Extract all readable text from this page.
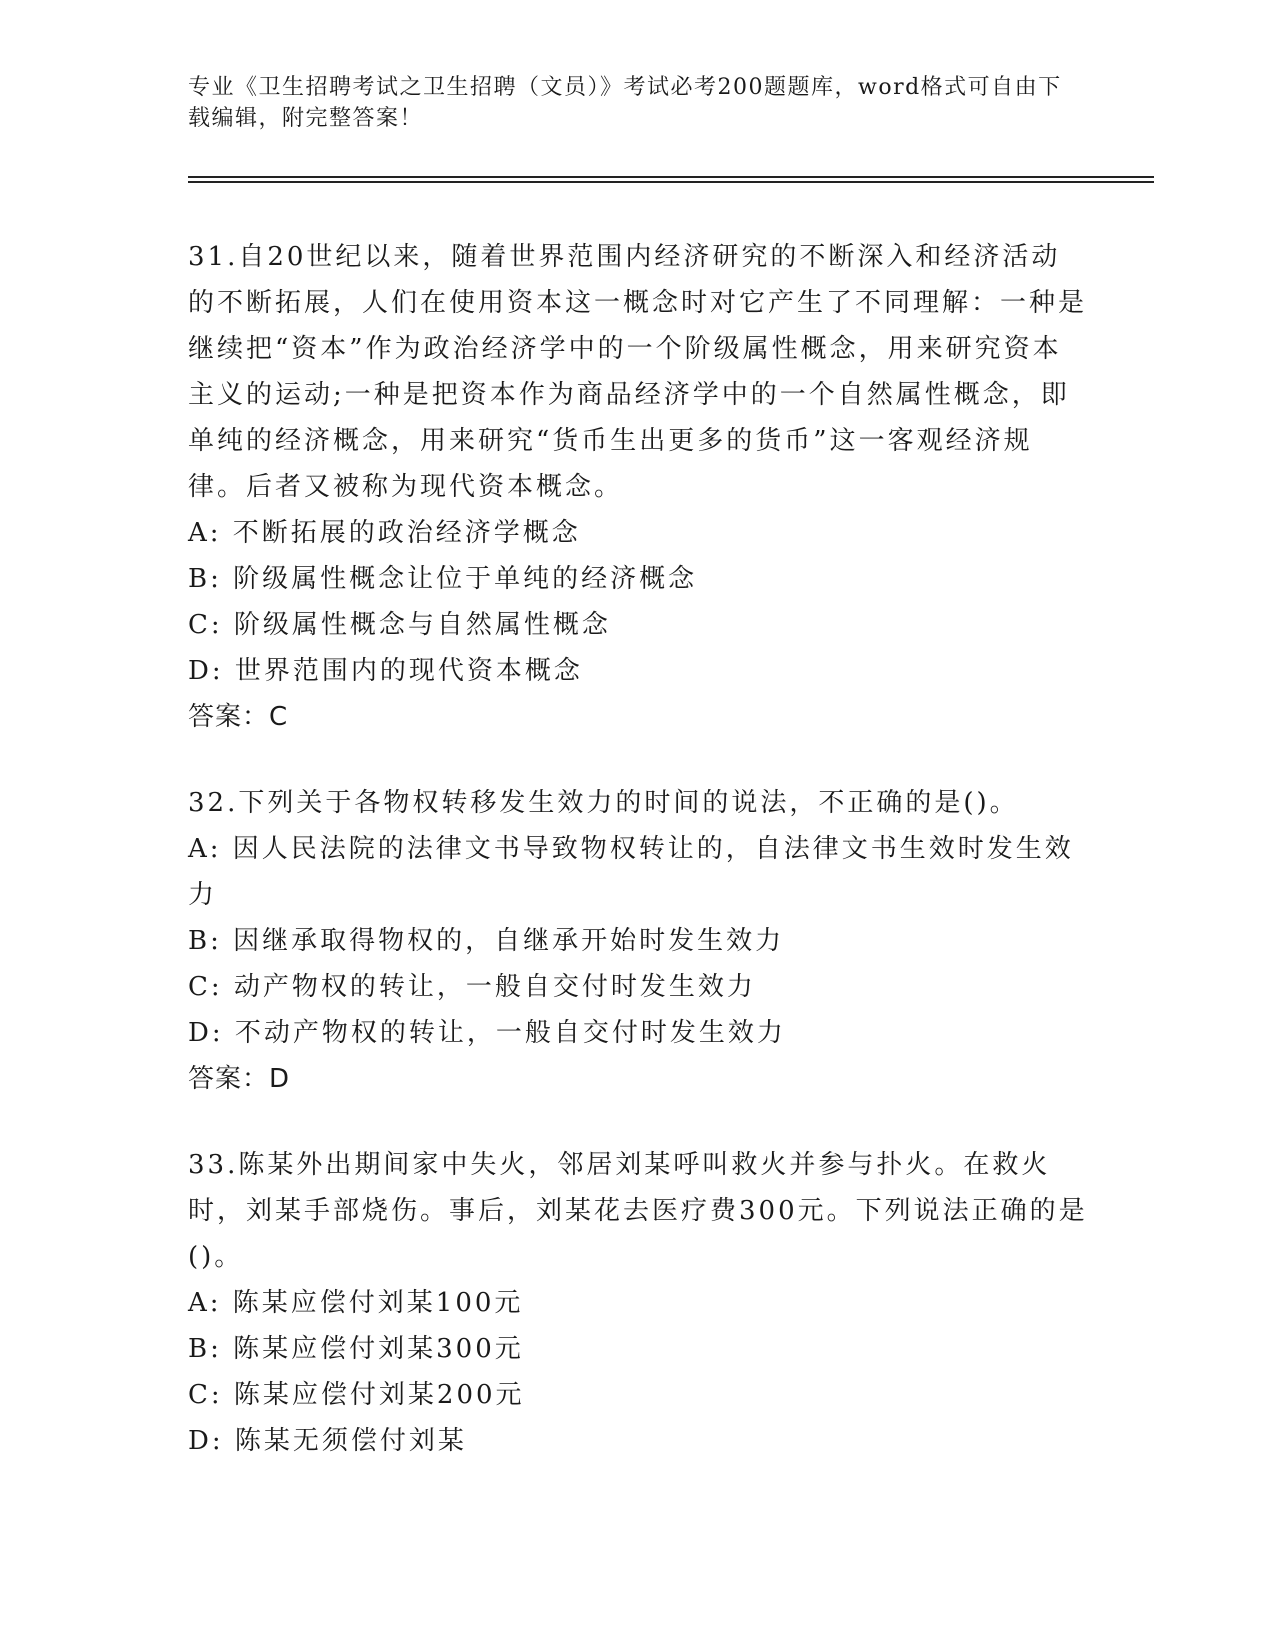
专业《卫生招聘考试之卫生招聘（文员）》考试必考200题题库，word格式可自由下载编辑，附完整答案！
31.自20世纪以来，随着世界范围内经济研究的不断深入和经济活动的不断拓展，人们在使用资本这一概念时对它产生了不同理解：一种是继续把“资本”作为政治经济学中的一个阶级属性概念，用来研究资本主义的运动;一种是把资本作为商品经济学中的一个自然属性概念，即单纯的经济概念，用来研究“货币生出更多的货币”这一客观经济规律。后者又被称为现代资本概念。
A: 不断拓展的政治经济学概念
B: 阶级属性概念让位于单纯的经济概念
C: 阶级属性概念与自然属性概念
D: 世界范围内的现代资本概念
答案：C
32.下列关于各物权转移发生效力的时间的说法，不正确的是()。
A: 因人民法院的法律文书导致物权转让的，自法律文书生效时发生效力
B: 因继承取得物权的，自继承开始时发生效力
C: 动产物权的转让，一般自交付时发生效力
D: 不动产物权的转让，一般自交付时发生效力
答案：D
33.陈某外出期间家中失火，邻居刘某呼叫救火并参与扑火。在救火时，刘某手部烧伤。事后，刘某花去医疗费300元。下列说法正确的是()。
A: 陈某应偿付刘某100元
B: 陈某应偿付刘某300元
C: 陈某应偿付刘某200元
D: 陈某无须偿付刘某
